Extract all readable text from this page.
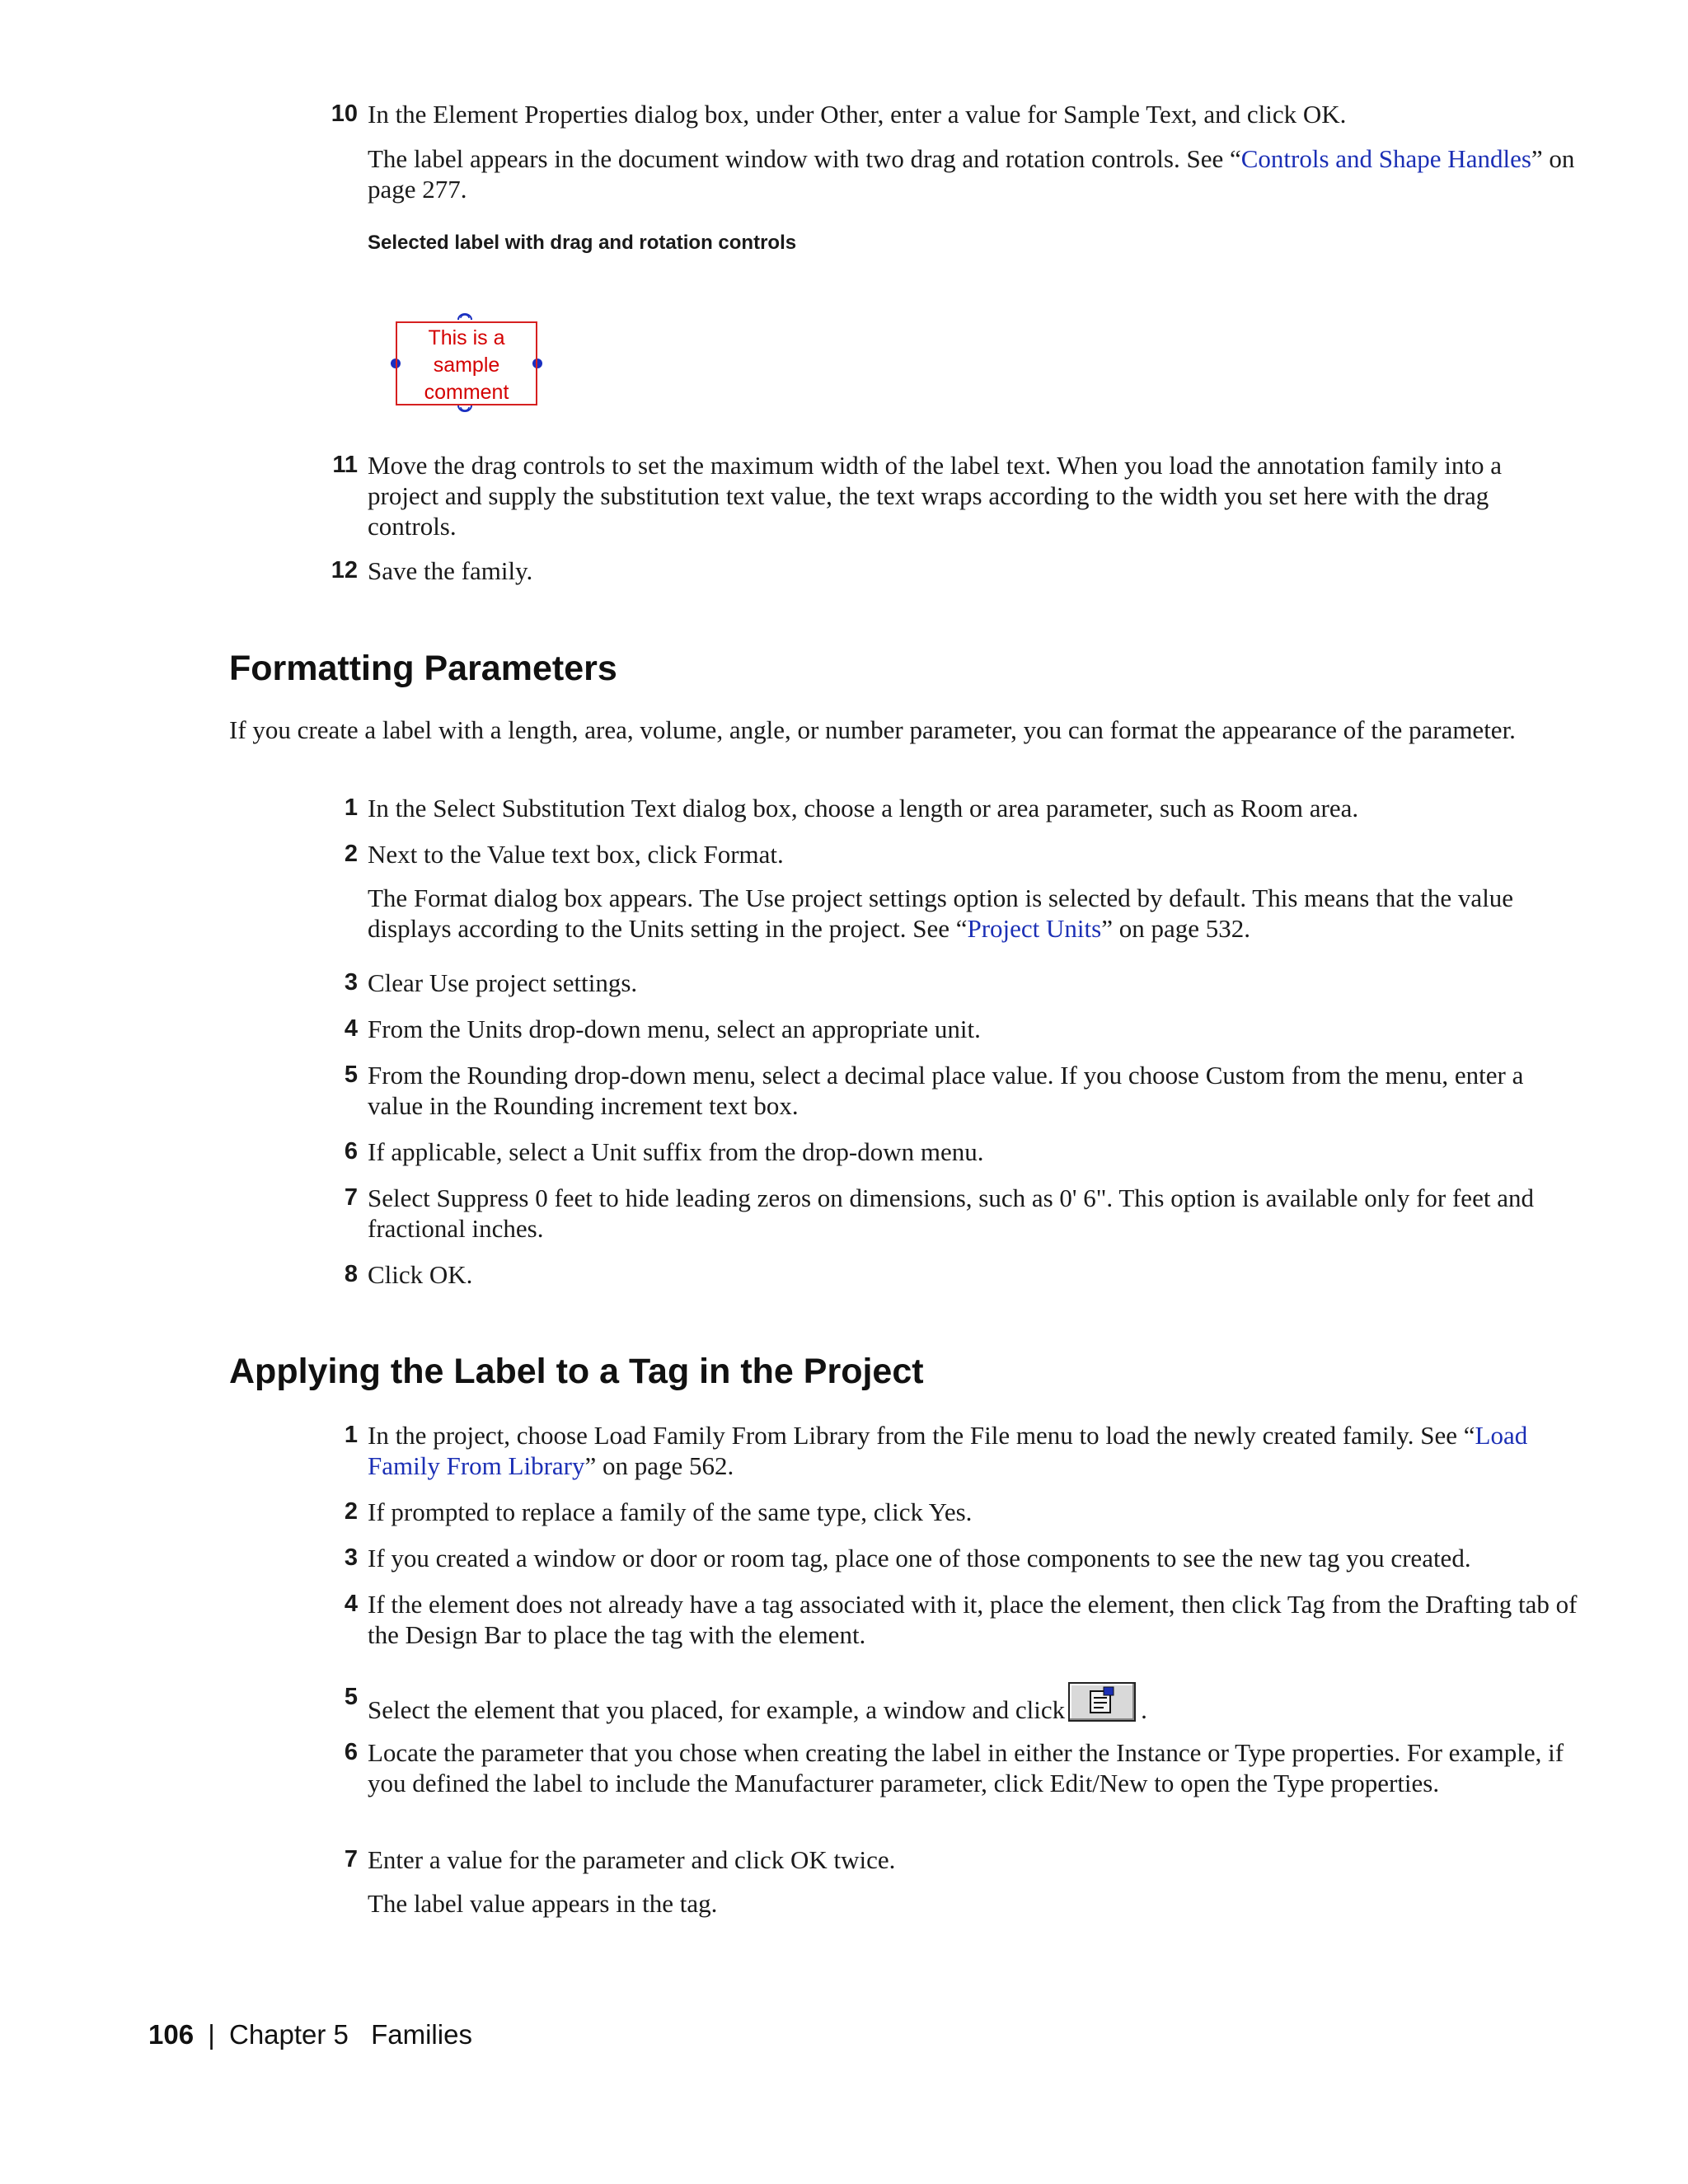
10 In the Element Properties dialog box, under Other, enter a value for Sample Text, and click OK.
The label appears in the document window with two drag and rotation controls. See “Controls and Shape Handles” on page 277.
Selected label with drag and rotation controls
This is a
sample
comment
11 Move the drag controls to set the maximum width of the label text. When you load the annotation family into a project and supply the substitution text value, the text wraps according to the width you set here with the drag controls.
12 Save the family.
Formatting Parameters
If you create a label with a length, area, volume, angle, or number parameter, you can format the appearance of the parameter.
1 In the Select Substitution Text dialog box, choose a length or area parameter, such as Room area.
2 Next to the Value text box, click Format.
The Format dialog box appears. The Use project settings option is selected by default. This means that the value displays according to the Units setting in the project. See “Project Units” on page 532.
3 Clear Use project settings.
4 From the Units drop-down menu, select an appropriate unit.
5 From the Rounding drop-down menu, select a decimal place value. If you choose Custom from the menu, enter a value in the Rounding increment text box.
6 If applicable, select a Unit suffix from the drop-down menu.
7 Select Suppress 0 feet to hide leading zeros on dimensions, such as 0' 6". This option is available only for feet and fractional inches.
8 Click OK.
Applying the Label to a Tag in the Project
1 In the project, choose Load Family From Library from the File menu to load the newly created family. See “Load Family From Library” on page 562.
2 If prompted to replace a family of the same type, click Yes.
3 If you created a window or door or room tag, place one of those components to see the new tag you created.
4 If the element does not already have a tag associated with it, place the element, then click Tag from the Drafting tab of the Design Bar to place the tag with the element.
5 Select the element that you placed, for example, a window and click	.
6 Locate the parameter that you chose when creating the label in either the Instance or Type properties. For example, if you defined the label to include the Manufacturer parameter, click Edit/New to open the Type properties.
7 Enter a value for the parameter and click OK twice.
The label value appears in the tag.
106 | Chapter 5 Families
